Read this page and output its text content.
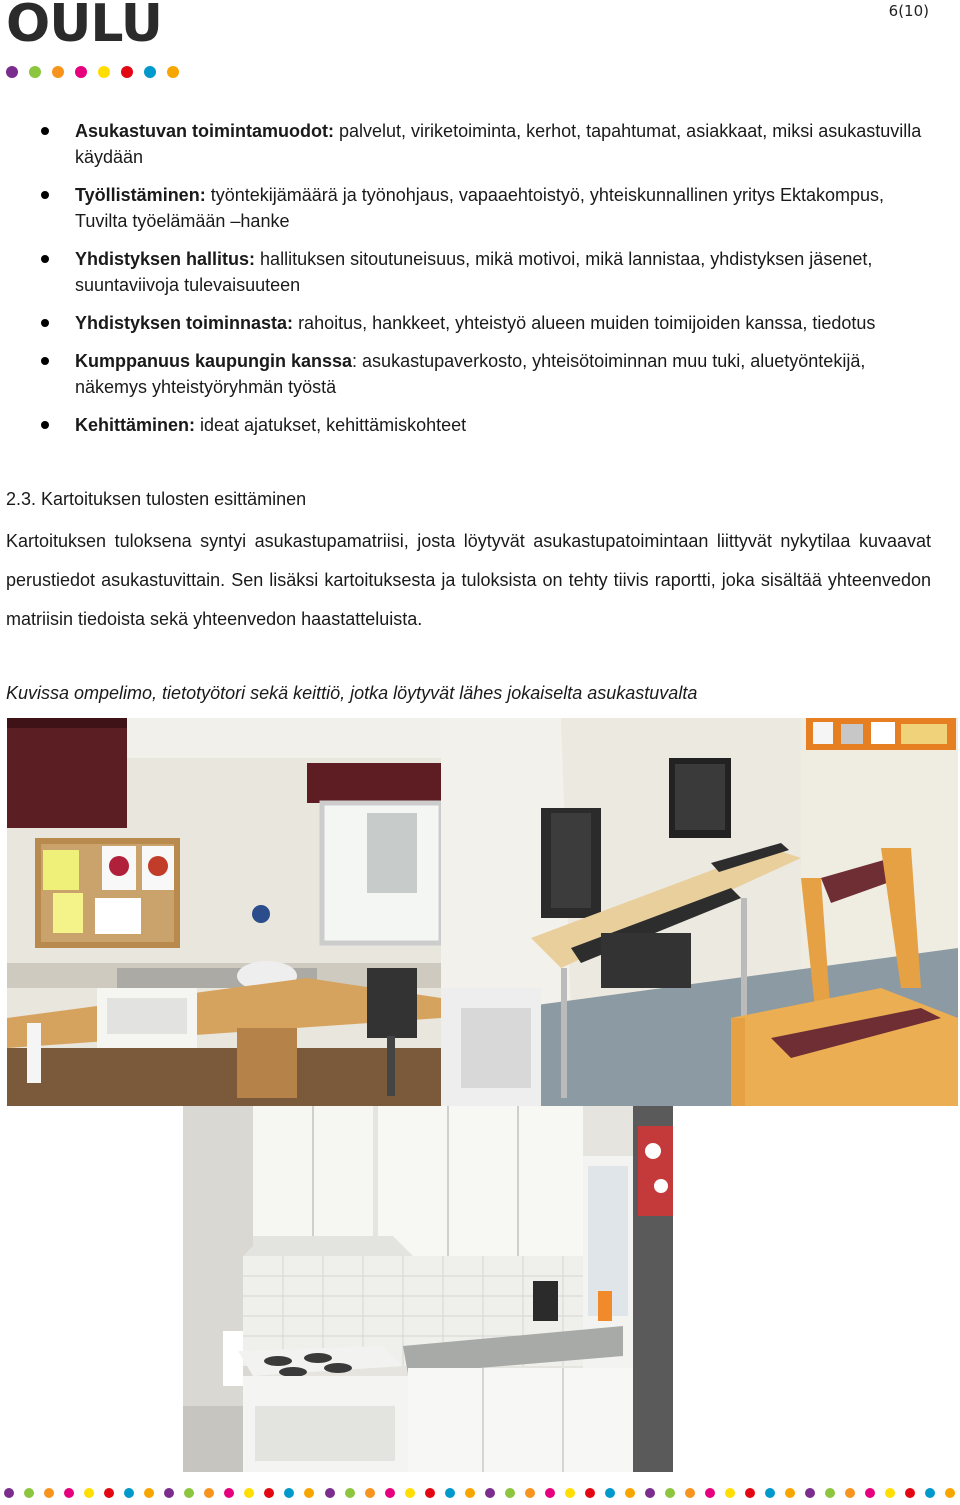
OULU	6(10)
Asukastuvan toimintamuodot: palvelut, viriketoiminta, kerhot, tapahtumat, asiakkaat, miksi asukastuvilla käydään
Työllistäminen: työntekijämäärä ja työnohjaus, vapaaehtoistyö, yhteiskunnallinen yritys Ektakompus, Tuvilta työelämään –hanke
Yhdistyksen hallitus: hallituksen sitoutuneisuus, mikä motivoi, mikä lannistaa, yhdistyksen jäsenet, suuntaviivoja tulevaisuuteen
Yhdistyksen toiminnasta: rahoitus, hankkeet, yhteistyö alueen muiden toimijoiden kanssa, tiedotus
Kumppanuus kaupungin kanssa: asukastupaverkosto, yhteisötoiminnan muu tuki, aluetyöntekijä, näkemys yhteistyöryhmän työstä
Kehittäminen: ideat ajatukset, kehittämiskohteet
2.3. Kartoituksen tulosten esittäminen
Kartoituksen tuloksena syntyi asukastupamatriisi, josta löytyvät asukastupatoimintaan liittyvät nykytilaa kuvaavat perustiedot asukastuvittain. Sen lisäksi kartoituksesta ja tuloksista on tehty tiivis raportti, joka sisältää yhteenvedon matriisin tiedoista sekä yhteenvedon haastatteluista.
Kuvissa ompelimo, tietotyötori sekä keittiö, jotka löytyvät lähes jokaiselta asukastuvalta
